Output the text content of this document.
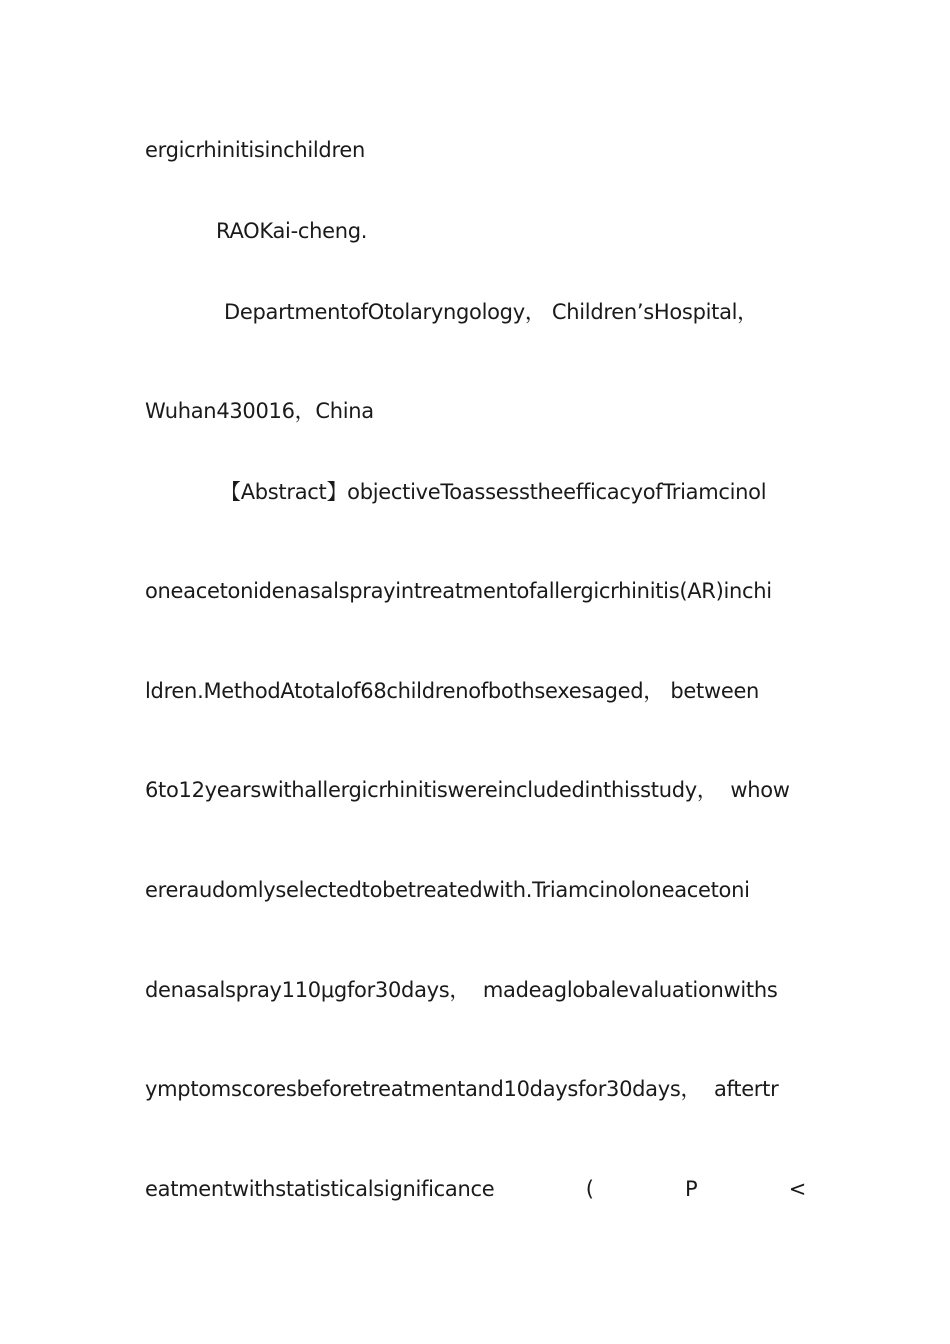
ergicrhinitisinchildren
RAOKai-cheng.
DepartmentofOtolaryngology， Children’sHospital，
Wuhan430016，China
【Abstract】objectiveToassesstheefficacyofTriamcinol
oneacetonidenasalsprayintreatmentofallergicrhinitis(AR)inchi
ldren.MethodAtotalof68childrenofbothsexesaged， between
6to12yearswithallergicrhinitiswereincludedinthisstudy，  whow
ereraudomlyselectedtobetreatedwith.Triamcinoloneacetoni
denasalspray110μgfor30days，  madeaglobalevaluationwiths
ymptomscoresbeforetreatmentand10daysfor30days，  aftertr
eatmentwithstatisticalsignificance	(	P	<
